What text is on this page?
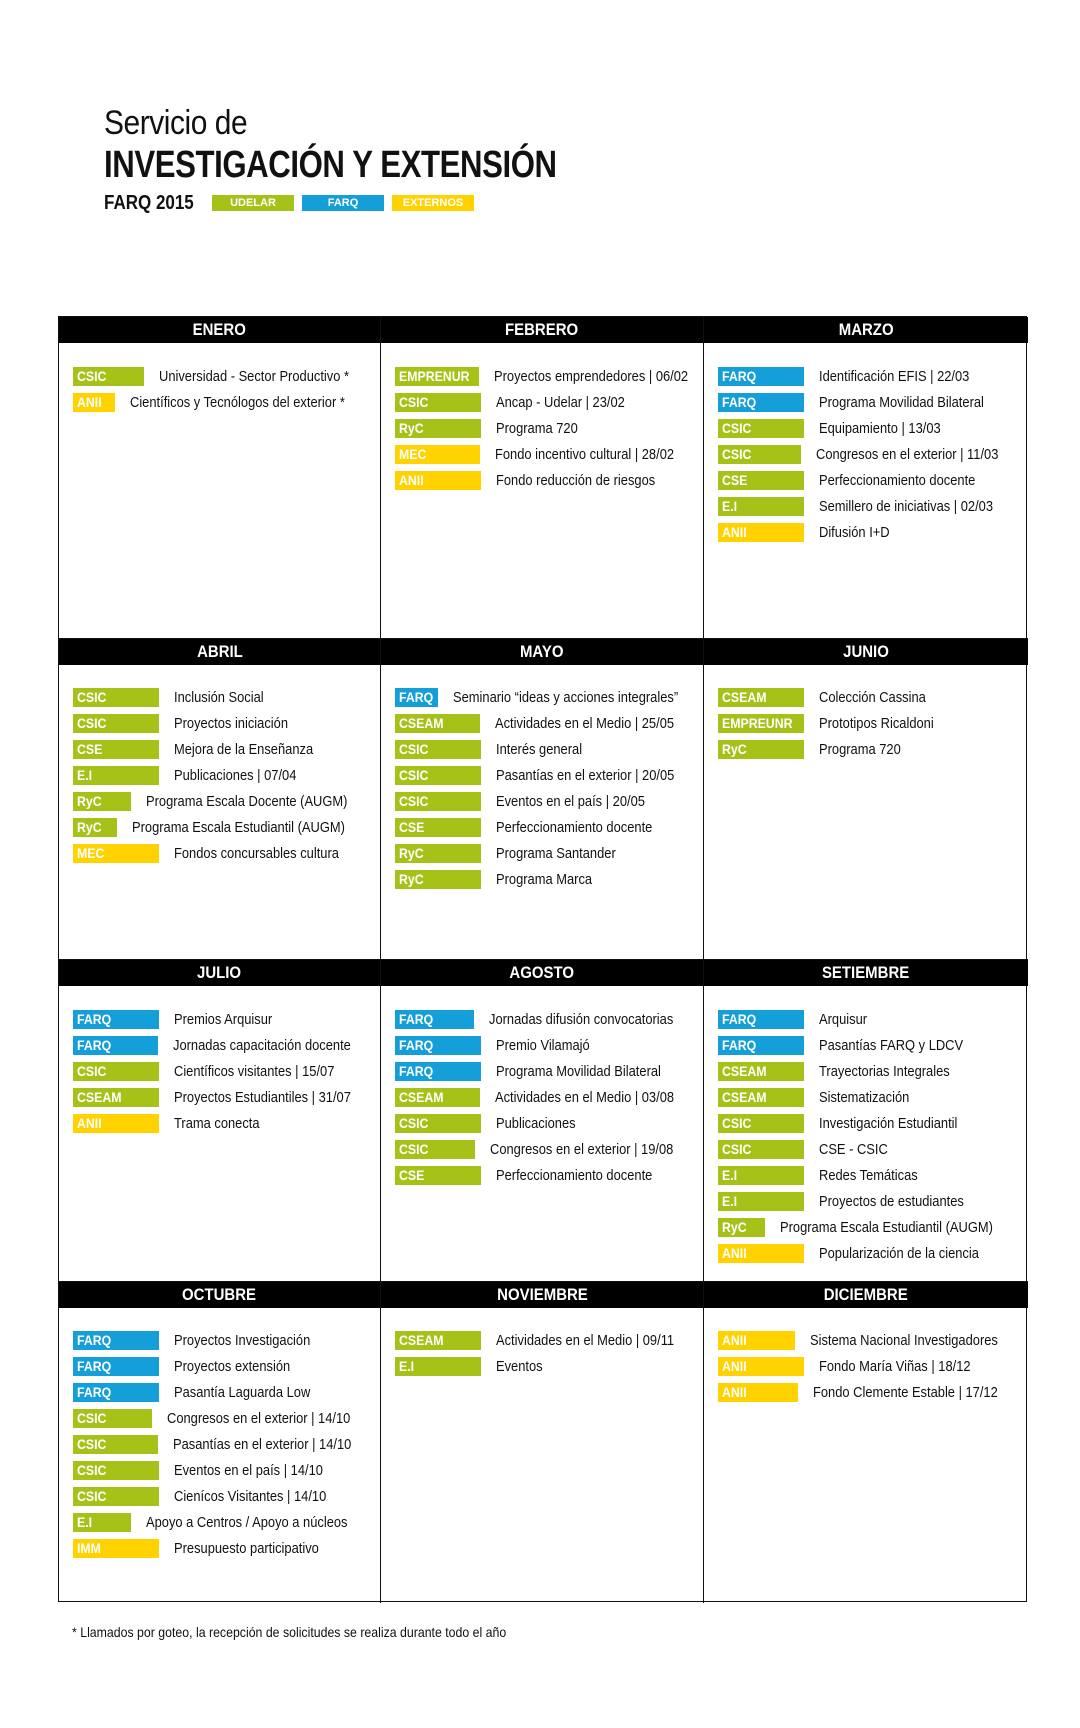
Servicio de
INVESTIGACIÓN Y EXTENSIÓN
FARQ 2015	UDELAR	FARQ	EXTERNOS
ENERO
CSIC	Universidad - Sector Productivo *
ANII	Científicos y Tecnólogos del exterior *
FEBRERO
EMPRENUR	Proyectos emprendedores | 06/02
CSIC	Ancap - Udelar | 23/02
RyC	Programa 720
MEC	Fondo incentivo cultural | 28/02
ANII	Fondo reducción de riesgos
MARZO
FARQ	Identificación EFIS | 22/03
FARQ	Programa Movilidad Bilateral
CSIC	Equipamiento | 13/03
CSIC	Congresos en el exterior | 11/03
CSE	Perfeccionamiento docente
E.I	Semillero de iniciativas | 02/03
ANII	Difusión I+D
ABRIL
CSIC	Inclusión Social
CSIC	Proyectos iniciación
CSE	Mejora de la Enseñanza
E.I	Publicaciones | 07/04
RyC	Programa Escala Docente (AUGM)
RyC	Programa Escala Estudiantil (AUGM)
MEC	Fondos concursables cultura
MAYO
FARQ	Seminario “ideas y acciones integrales”
CSEAM	Actividades en el Medio | 25/05
CSIC	Interés general
CSIC	Pasantías en el exterior | 20/05
CSIC	Eventos en el país | 20/05
CSE	Perfeccionamiento docente
RyC	Programa Santander
RyC	Programa Marca
JUNIO
CSEAM	Colección Cassina
EMPREUNR	Prototipos Ricaldoni
RyC	Programa 720
JULIO
FARQ	Premios Arquisur
FARQ	Jornadas capacitación docente
CSIC	Científicos visitantes | 15/07
CSEAM	Proyectos Estudiantiles | 31/07
ANII	Trama conecta
AGOSTO
FARQ	Jornadas difusión convocatorias
FARQ	Premio Vilamajó
FARQ	Programa Movilidad Bilateral
CSEAM	Actividades en el Medio | 03/08
CSIC	Publicaciones
CSIC	Congresos en el exterior | 19/08
CSE	Perfeccionamiento docente
SETIEMBRE
FARQ	Arquisur
FARQ	Pasantías FARQ y LDCV
CSEAM	Trayectorias Integrales
CSEAM	Sistematización
CSIC	Investigación Estudiantil
CSIC	CSE - CSIC
E.I	Redes Temáticas
E.I	Proyectos de estudiantes
RyC	Programa Escala Estudiantil (AUGM)
ANII	Popularización de la ciencia
OCTUBRE
FARQ	Proyectos Investigación
FARQ	Proyectos extensión
FARQ	Pasantía Laguarda Low
CSIC	Congresos en el exterior | 14/10
CSIC	Pasantías en el exterior | 14/10
CSIC	Eventos en el país | 14/10
CSIC	Cienícos Visitantes | 14/10
E.I	Apoyo a Centros / Apoyo a núcleos
IMM	Presupuesto participativo
NOVIEMBRE
CSEAM	Actividades en el Medio | 09/11
E.I	Eventos
DICIEMBRE
ANII	Sistema Nacional Investigadores
ANII	Fondo María Viñas | 18/12
ANII	Fondo Clemente Estable | 17/12
* Llamados por goteo, la recepción de solicitudes se realiza durante todo el año
